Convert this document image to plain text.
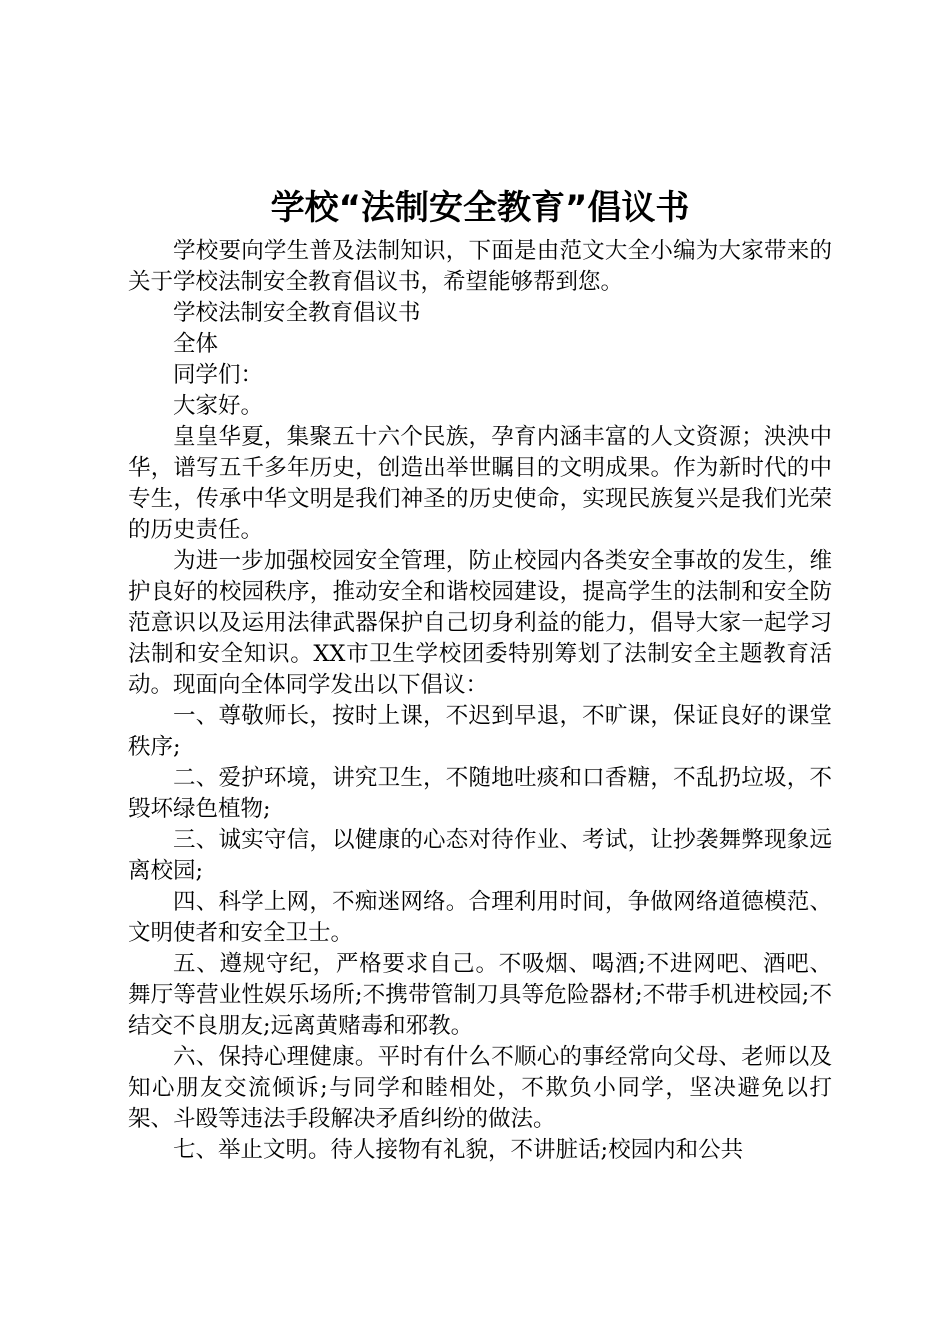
学校“法制安全教育”倡议书

学校要向学生普及法制知识，下面是由范文大全小编为大家带来的关于学校法制安全教育倡议书，希望能够帮到您。

学校法制安全教育倡议书

全体

同学们：

大家好。

皇皇华夏，集聚五十六个民族，孕育内涵丰富的人文资源；泱泱中华，谱写五千多年历史，创造出举世瞩目的文明成果。作为新时代的中专生，传承中华文明是我们神圣的历史使命，实现民族复兴是我们光荣的历史责任。

为进一步加强校园安全管理，防止校园内各类安全事故的发生，维护良好的校园秩序，推动安全和谐校园建设，提高学生的法制和安全防范意识以及运用法律武器保护自己切身利益的能力，倡导大家一起学习法制和安全知识。XX市卫生学校团委特别筹划了法制安全主题教育活动。现面向全体同学发出以下倡议：

一、尊敬师长，按时上课，不迟到早退，不旷课，保证良好的课堂秩序;

二、爱护环境，讲究卫生，不随地吐痰和口香糖，不乱扔垃圾，不毁坏绿色植物;

三、诚实守信，以健康的心态对待作业、考试，让抄袭舞弊现象远离校园;

四、科学上网，不痴迷网络。合理利用时间，争做网络道德模范、文明使者和安全卫士。

五、遵规守纪，严格要求自己。不吸烟、喝酒;不进网吧、酒吧、舞厅等营业性娱乐场所;不携带管制刀具等危险器材;不带手机进校园;不结交不良朋友;远离黄赌毒和邪教。

六、保持心理健康。平时有什么不顺心的事经常向父母、老师以及知心朋友交流倾诉;与同学和睦相处，不欺负小同学，坚决避免以打架、斗殴等违法手段解决矛盾纠纷的做法。

七、举止文明。待人接物有礼貌，不讲脏话;校园内和公共
